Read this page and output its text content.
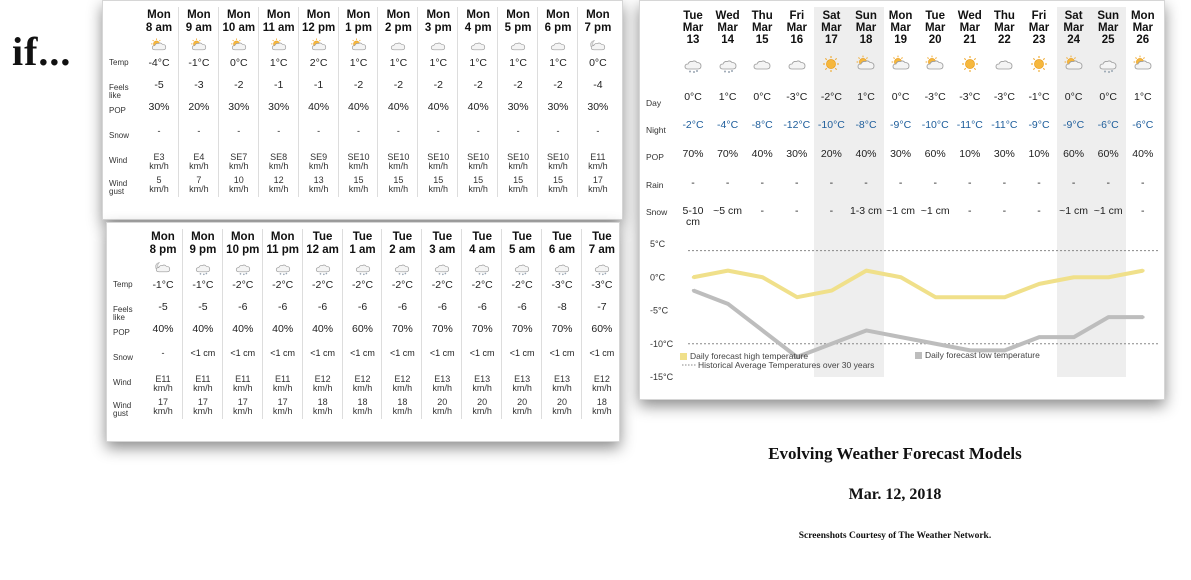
if...	Temp
Feels
like
POP
Snow
Wind
Wind
gust
Mon
8 am
-4°C
-5
30%
-
E3
km/h
5
km/h
Mon
9 am
-1°C
-3
20%
-
E4
km/h
7
km/h
Mon
10 am
0°C
-2
30%
-
SE7
km/h
10
km/h
Mon
11 am
1°C
-1
30%
-
SE8
km/h
12
km/h
Mon
12 pm
2°C
-1
40%
-
SE9
km/h
13
km/h
Mon
1 pm
1°C
-2
40%
-
SE10
km/h
15
km/h
Mon
2 pm
1°C
-2
40%
-
SE10
km/h
15
km/h
Mon
3 pm
1°C
-2
40%
-
SE10
km/h
15
km/h
Mon
4 pm
1°C
-2
40%
-
SE10
km/h
15
km/h
Mon
5 pm
1°C
-2
30%
-
SE10
km/h
15
km/h
Mon
6 pm
1°C
-2
30%
-
SE10
km/h
15
km/h
Mon
7 pm
0°C
-4
30%
-
E11
km/h
17
km/h
Temp
Feels
like
POP
Snow
Wind
Wind
gust
Mon
8 pm
-1°C
-5
40%
-
E11
km/h
17
km/h
Mon
9 pm
-1°C
-5
40%
<1 cm
E11
km/h
17
km/h
Mon
10 pm
-2°C
-6
40%
<1 cm
E11
km/h
17
km/h
Mon
11 pm
-2°C
-6
40%
<1 cm
E11
km/h
17
km/h
Tue
12 am
-2°C
-6
40%
<1 cm
E12
km/h
18
km/h
Tue
1 am
-2°C
-6
60%
<1 cm
E12
km/h
18
km/h
Tue
2 am
-2°C
-6
70%
<1 cm
E12
km/h
18
km/h
Tue
3 am
-2°C
-6
70%
<1 cm
E13
km/h
20
km/h
Tue
4 am
-2°C
-6
70%
<1 cm
E13
km/h
20
km/h
Tue
5 am
-2°C
-6
70%
<1 cm
E13
km/h
20
km/h
Tue
6 am
-3°C
-8
70%
<1 cm
E13
km/h
20
km/h
Tue
7 am
-3°C
-7
60%
<1 cm
E12
km/h
18
km/h
5°C
0°C
-5°C
-10°C
-15°C
Daily forecast high temperature
Historical Average Temperatures over 30 years
Daily forecast low temperature
Day
Night
POP
Rain
Snow
Tue
Mar
13
0°C
-2°C
70%
-
5-10
cm
Wed
Mar
14
1°C
-4°C
70%
-
~5 cm
Thu
Mar
15
0°C
-8°C
40%
-
-
Fri
Mar
16
-3°C
-12°C
30%
-
-
Sat
Mar
17
-2°C
-10°C
20%
-
-
Sun
Mar
18
1°C
-8°C
40%
-
1-3 cm
Mon
Mar
19
0°C
-9°C
30%
-
~1 cm
Tue
Mar
20
-3°C
-10°C
60%
-
~1 cm
Wed
Mar
21
-3°C
-11°C
10%
-
-
Thu
Mar
22
-3°C
-11°C
30%
-
-
Fri
Mar
23
-1°C
-9°C
10%
-
-
Sat
Mar
24
0°C
-9°C
60%
-
~1 cm
Sun
Mar
25
0°C
-6°C
60%
-
~1 cm
Mon
Mar
26
1°C
-6°C
40%
-
-
Evolving Weather Forecast Models
Mar. 12, 2018
Screenshots Courtesy of The Weather Network.
